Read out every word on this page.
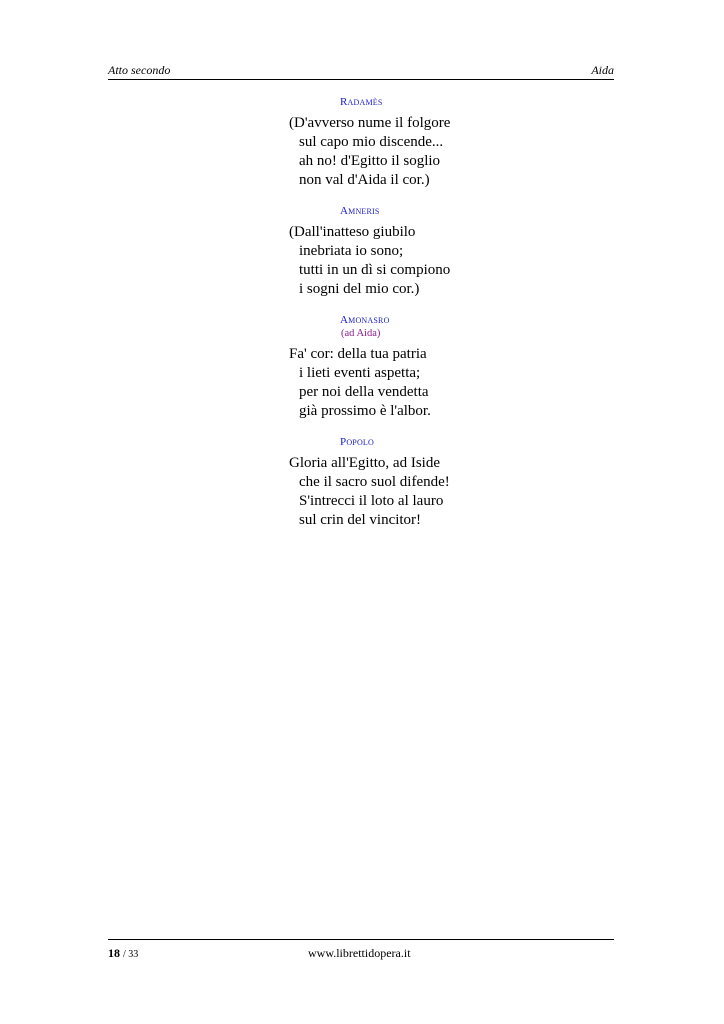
Atto secondo	Aida
Radamès
(D'avverso nume il folgore
sul capo mio discende...
ah no! d'Egitto il soglio
non val d'Aida il cor.)
Amneris
(Dall'inatteso giubilo
inebriata io sono;
tutti in un dì si compiono
i sogni del mio cor.)
Amonasro
(ad Aida)
Fa' cor: della tua patria
i lieti eventi aspetta;
per noi della vendetta
già prossimo è l'albor.
Popolo
Gloria all'Egitto, ad Iside
che il sacro suol difende!
S'intrecci il loto al lauro
sul crin del vincitor!
18 / 33	www.librettidopera.it
